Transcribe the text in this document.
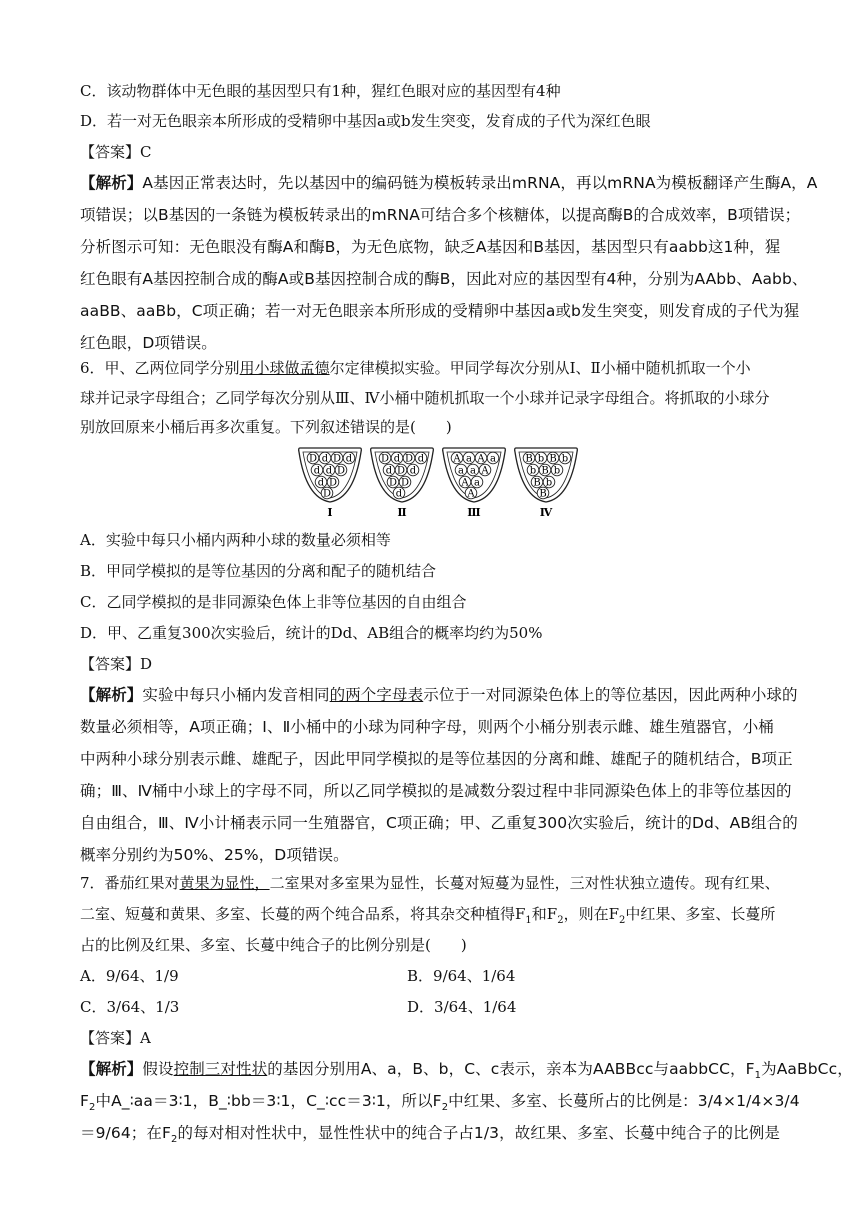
C．该动物群体中无色眼的基因型只有1种，猩红色眼对应的基因型有4种
D．若一对无色眼亲本所形成的受精卵中基因a或b发生突变，发育成的子代为深红色眼
【答案】C
【解析】A基因正常表达时，先以基因中的编码链为模板转录出mRNA，再以mRNA为模板翻译产生酶A，A
项错误；以B基因的一条链为模板转录出的mRNA可结合多个核糖体，以提高酶B的合成效率，B项错误；
分析图示可知：无色眼没有酶A和酶B，为无色底物，缺乏A基因和B基因，基因型只有aabb这1种，猩
红色眼有A基因控制合成的酶A或B基因控制合成的酶B，因此对应的基因型有4种，分别为AAbb、Aabb、
aaBB、aaBb，C项正确；若一对无色眼亲本所形成的受精卵中基因a或b发生突变，则发育成的子代为猩
红色眼，D项错误。
6．甲、乙两位同学分别用小球做孟德尔定律模拟实验。甲同学每次分别从Ⅰ、Ⅱ小桶中随机抓取一个小
球并记录字母组合；乙同学每次分别从Ⅲ、Ⅳ小桶中随机抓取一个小球并记录字母组合。将抓取的小球分
别放回原来小桶后再多次重复。下列叙述错误的是(　　)
D d D d
d d D
d D
D
Ⅰ
D d D d
d D d
D D
d
Ⅱ
A a A a
a a A
A a
A
Ⅲ
B b B b
b B b
B b
B
Ⅳ
A．实验中每只小桶内两种小球的数量必须相等
B．甲同学模拟的是等位基因的分离和配子的随机结合
C．乙同学模拟的是非同源染色体上非等位基因的自由组合
D．甲、乙重复300次实验后，统计的Dd、AB组合的概率均约为50%
【答案】D
【解析】实验中每只小桶内发音相同的两个字母表示位于一对同源染色体上的等位基因，因此两种小球的
数量必须相等，A项正确；Ⅰ、Ⅱ小桶中的小球为同种字母，则两个小桶分别表示雌、雄生殖器官，小桶
中两种小球分别表示雌、雄配子，因此甲同学模拟的是等位基因的分离和雌、雄配子的随机结合，B项正
确；Ⅲ、Ⅳ桶中小球上的字母不同，所以乙同学模拟的是减数分裂过程中非同源染色体上的非等位基因的
自由组合，Ⅲ、Ⅳ小计桶表示同一生殖器官，C项正确；甲、乙重复300次实验后，统计的Dd、AB组合的
概率分别约为50%、25%，D项错误。
7．番茄红果对黄果为显性，二室果对多室果为显性，长蔓对短蔓为显性，三对性状独立遗传。现有红果、
二室、短蔓和黄果、多室、长蔓的两个纯合品系，将其杂交种植得$F_1$和$F_2$，则在$F_2$中红果、多室、长蔓所
占的比例及红果、多室、长蔓中纯合子的比例分别是(　　)
A．9/64、1/9	B．9/64、1/64
C．3/64、1/3	D．3/64、1/64
【答案】A
【解析】假设控制三对性状的基因分别用A、a，B、b，C、c表示，亲本为AABBcc与aabbCC，$F_1$为AaBbCc，
$F_2$中A_∶aa＝3∶1，B_∶bb＝3∶1，C_∶cc＝3∶1，所以$F_2$中红果、多室、长蔓所占的比例是：3/4×1/4×3/4
＝9/64；在$F_2$的每对相对性状中，显性性状中的纯合子占1/3，故红果、多室、长蔓中纯合子的比例是
